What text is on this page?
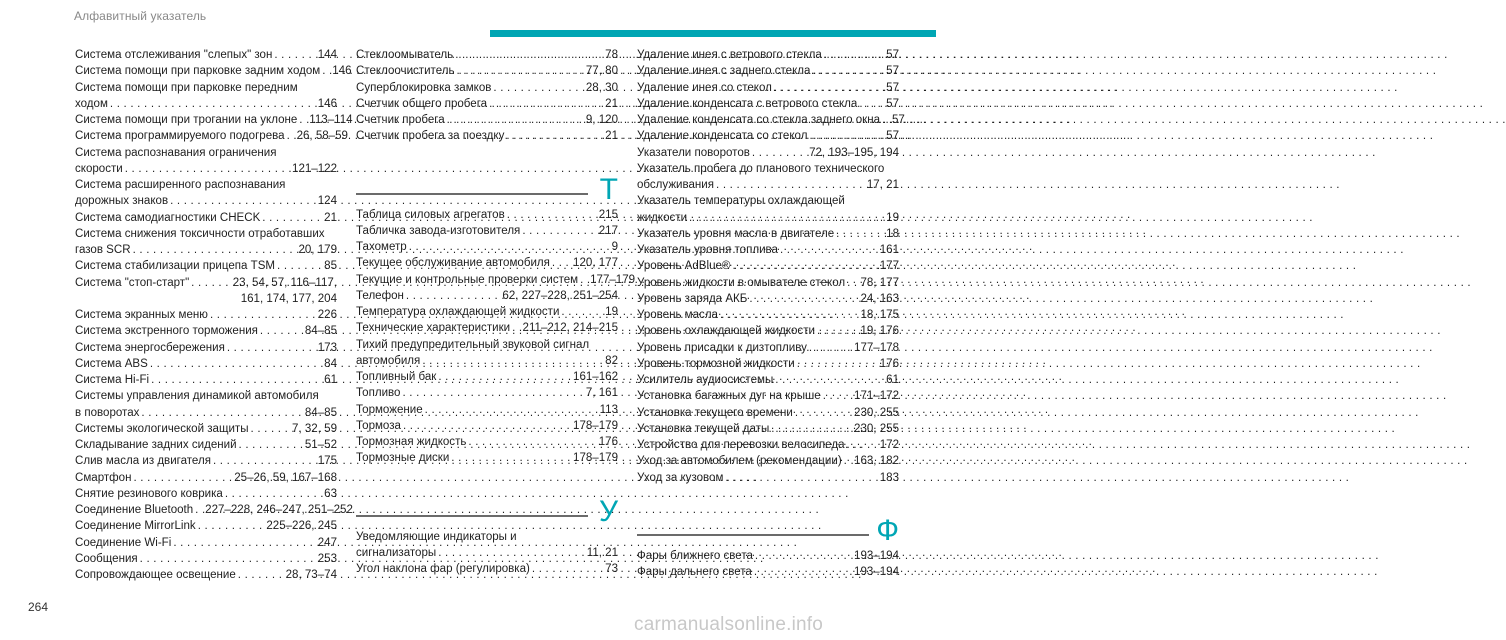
Алфавитный указатель
Система отслеживания "слепых" зон . . .	144
Система помощи при парковке задним ходом . . . 146
Система помощи при парковке передним
ходом . . .	146
Система помощи при трогании на уклоне . . . 113–114
Система программируемого подогрева . . . 26, 58–59
Система распознавания ограничения
скорости . . .	121–122
Система расширенного распознавания
дорожных знаков . . .	124
Система самодиагностики CHECK . . .	21
Система снижения токсичности отработавших
газов SCR . . .	20, 179
Система стабилизации прицепа TSM . . .	85
Система "стоп-старт" . . .	23, 54, 57, 116–117,
161, 174, 177, 204
Система экранных меню . . .	226
Система экстренного торможения . . .	84–85
Система энергосбережения . . .	173
Система ABS . . .	84
Система Hi-Fi . . .	61
Системы управления динамикой автомобиля
в поворотах . . .	84–85
Системы экологической защиты . . .	7, 32, 59
Складывание задних сидений . . .	51–52
Слив масла из двигателя . . .	175
Смартфон . . .	25–26, 59, 167–168
Снятие резинового коврика . . .	63
Соединение Bluetooth . . . 227–228, 246–247, 251–252
Соединение MirrorLink . . .	225–226, 245
Соединение Wi-Fi . . .	247
Сообщения . . .	253
Сопровождающее освещение . . .	28, 73–74
Стеклоомыватель . . .	78
Стеклоочиститель . . .	77, 80
Суперблокировка замков . . .	28, 30
Счетчик общего пробега . . .	21
Счетчик пробега . . .	9, 120
Счетчик пробега за поездку . . .	21
Т
Таблица силовых агрегатов . . .	215
Табличка завода-изготовителя . . .	217
Тахометр . . .	9
Текущее обслуживание автомобиля . . . 120, 177
Текущие и контрольные проверки систем . . . 177–179
Телефон . . .	62, 227–228, 251–254
Температура охлаждающей жидкости . . .	19
Технические характеристики . . . 211–212, 214–215
Тихий предупредительный звуковой сигнал
автомобиля . . .	82
Топливный бак . . .	161–162
Топливо . . .	7, 161
Торможение . . .	113
Тормоза . . .	178–179
Тормозная жидкость . . .	176
Тормозные диски . . .	178–179
У
Уведомляющие индикаторы и
сигнализаторы . . .	11, 21
Угол наклона фар (регулировка) . . .	73
Удаление инея с ветрового стекла . . .	57
Удаление инея с заднего стекла . . .	57
Удаление инея со стекол . . .	57
Удаление конденсата с ветрового стекла . . . 57
Удаление конденсата со стекла заднего окна . . . 57
Удаление конденсата со стекол . . .	57
Указатели поворотов . . .	72, 193–195, 194
Указатель пробега до планового технического
обслуживания . . .	17, 21
Указатель температуры охлаждающей
жидкости . . .	19
Указатель уровня масла в двигателе . . .	18
Указатель уровня топлива . . .	161
Уровень AdBlue® . . .	177
Уровень жидкости в омывателе стекол . . . 78, 177
Уровень заряда АКБ . . .	24, 163
Уровень масла . . .	18, 175
Уровень охлаждающей жидкости . . .	19, 176
Уровень присадки к дизтопливу . . .	177–178
Уровень тормозной жидкости . . .	176
Усилитель аудиосистемы . . .	61
Установка багажных дуг на крыше . . .	171–172
Установка текущего времени . . .	230, 255
Установка текущей даты . . .	230, 255
Устройство для перевозки велосипеда . . .	172
Уход за автомобилем (рекомендации) . . . 163, 182
Уход за кузовом . . .	183
Ф
Фары ближнего света . . .	193–194
Фары дальнего света . . .	193–194
264
carmanualsonline.info
